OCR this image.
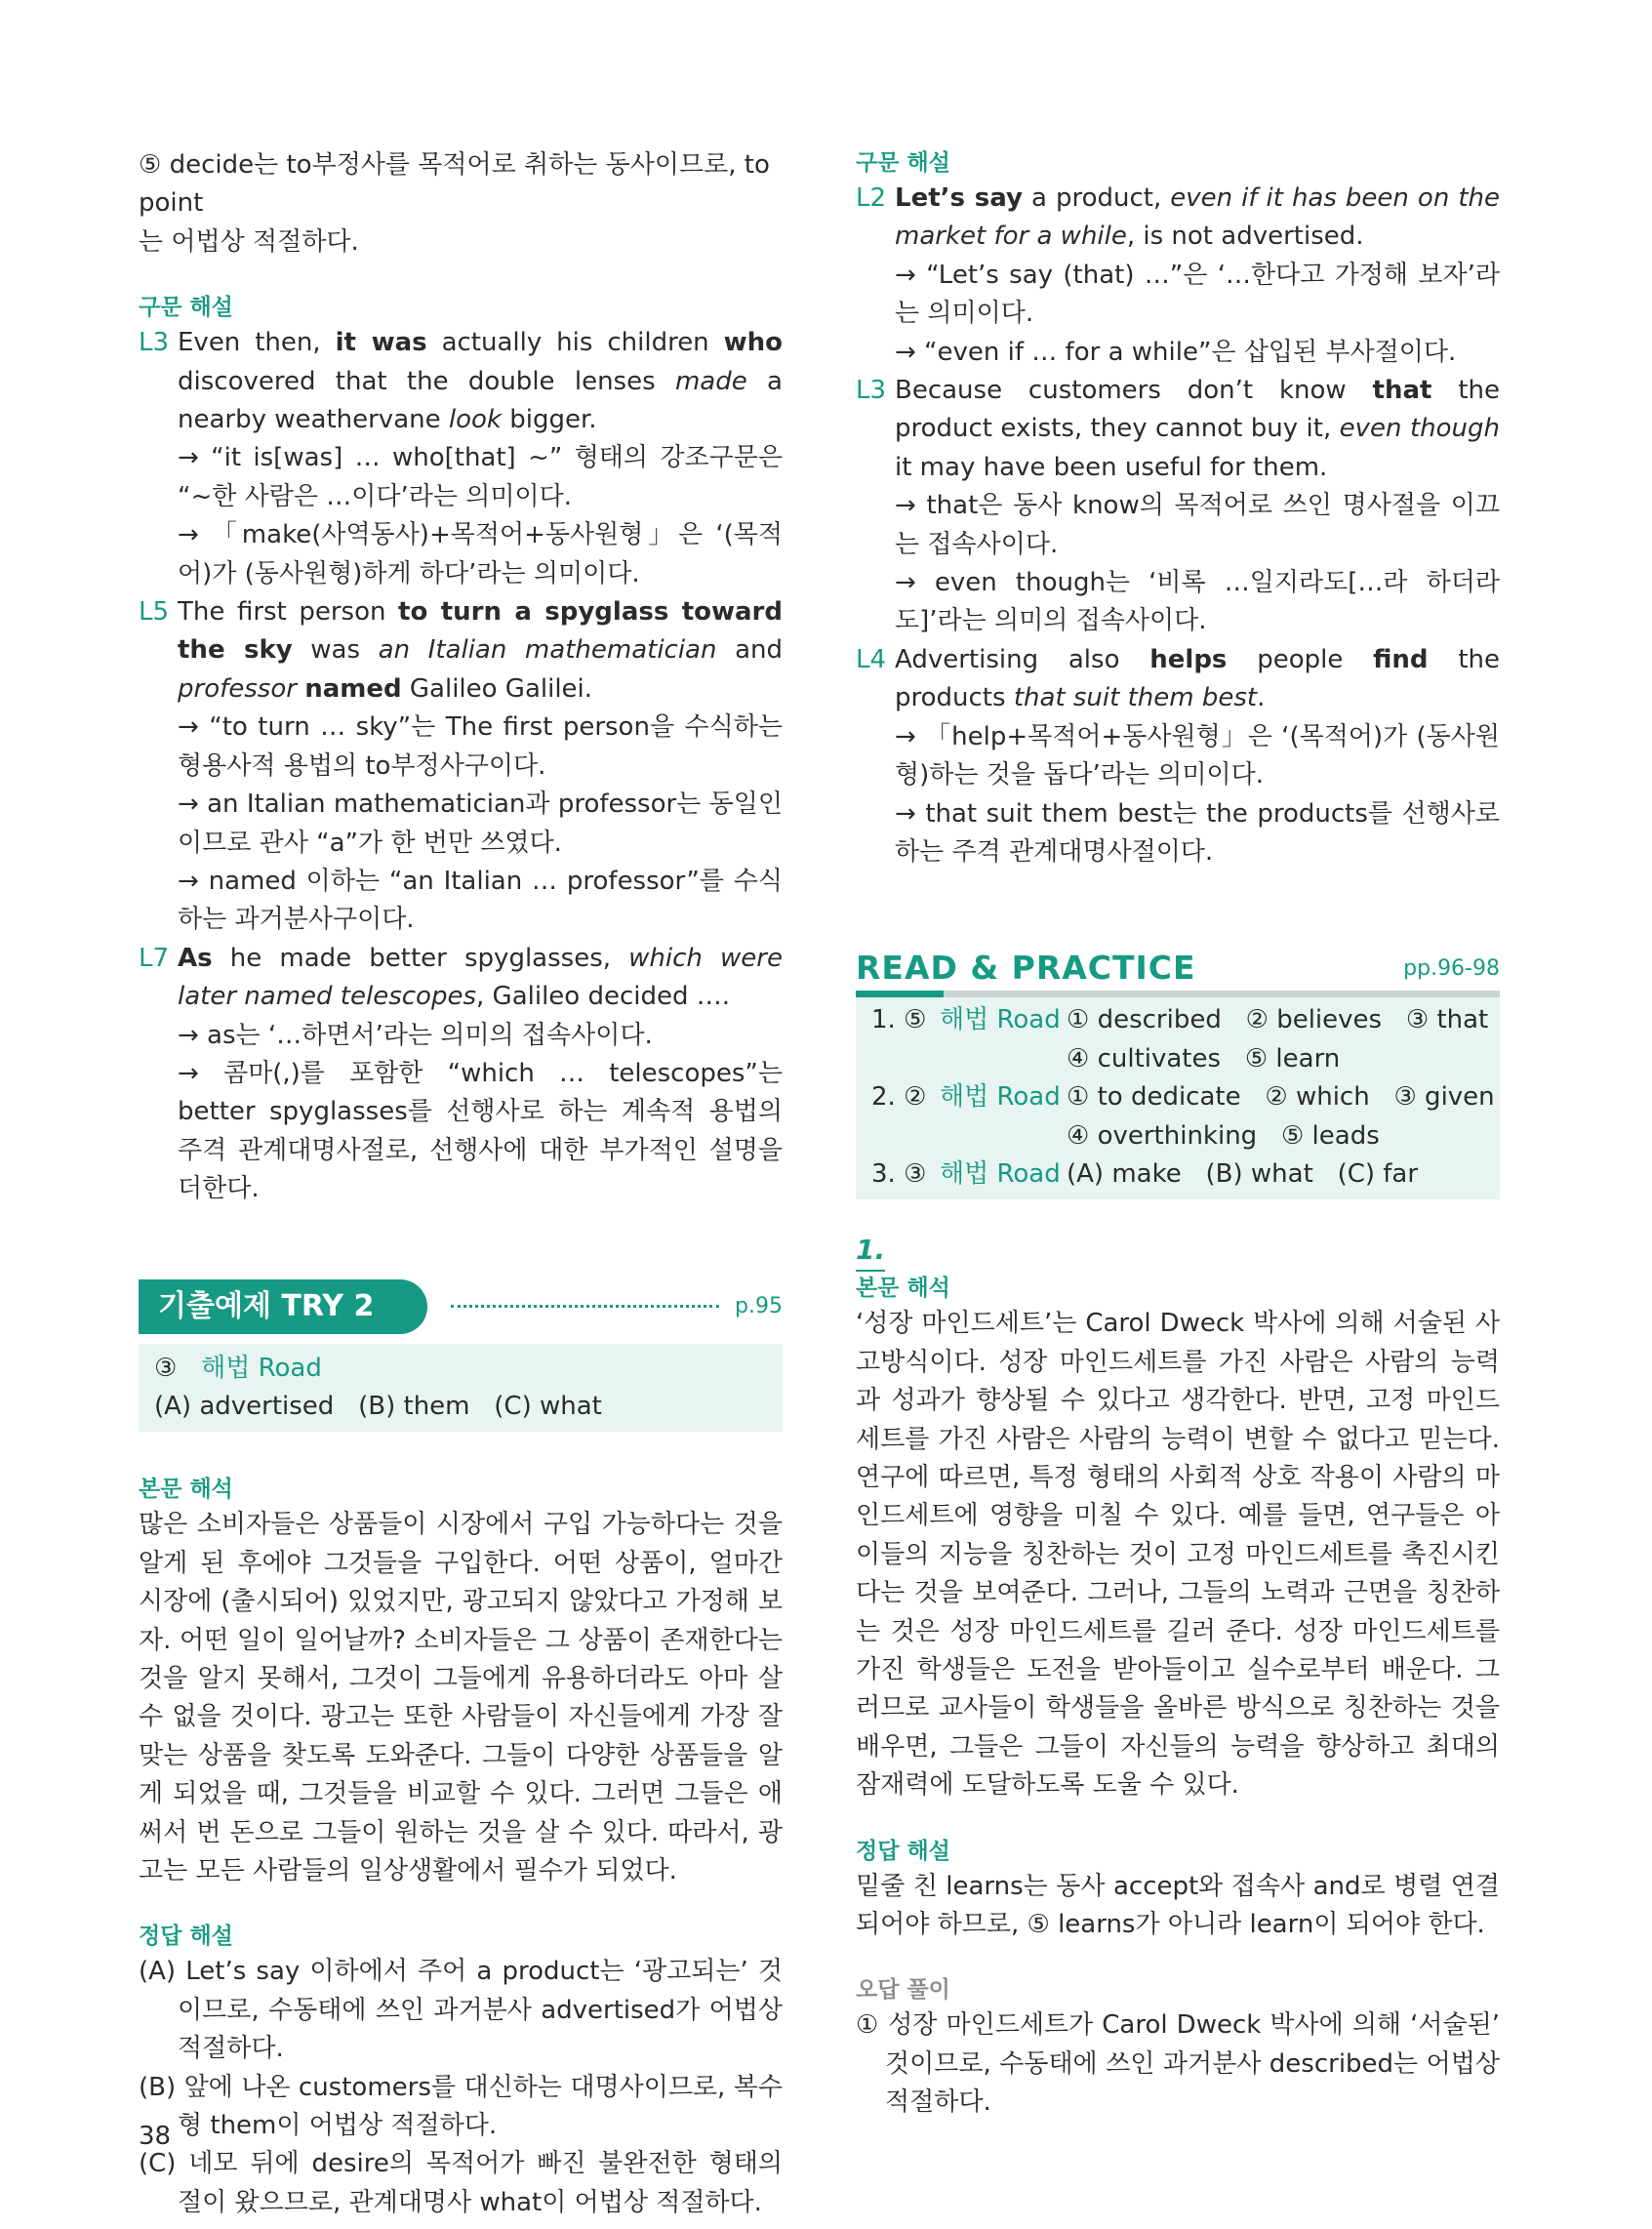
⑤ decide는 to부정사를 목적어로 취하는 동사이므로, to point
는 어법상 적절하다.
구문 해설
L3 Even then, it was actually his children who discovered that the double lenses made a nearby weathervane look bigger.
→ “it is[was] … who[that] ~” 형태의 강조구문은 “~한 사람은 …이다’라는 의미이다.
→ 「make(사역동사)+목적어+동사원형」은 ‘(목적어)가 (동사원형)하게 하다’라는 의미이다.
L5 The first person to turn a spyglass toward the sky was an Italian mathematician and professor named Galileo Galilei.
→ “to turn … sky”는 The first person을 수식하는 형용사적 용법의 to부정사구이다.
→ an Italian mathematician과 professor는 동일인이므로 관사 “a”가 한 번만 쓰였다.
→ named 이하는 “an Italian … professor”를 수식하는 과거분사구이다.
L7 As he made better spyglasses, which were later named telescopes, Galileo decided ….
→ as는 ‘…하면서’라는 의미의 접속사이다.
→ 콤마(,)를 포함한 “which … telescopes”는 better spyglasses를 선행사로 하는 계속적 용법의 주격 관계대명사절로, 선행사에 대한 부가적인 설명을 더한다.
기출예제 TRY 2	p.95
③ 해법 Road  (A) advertised   (B) them   (C) what
본문 해석
많은 소비자들은 상품들이 시장에서 구입 가능하다는 것을 알게 된 후에야 그것들을 구입한다. 어떤 상품이, 얼마간 시장에 (출시되어) 있었지만, 광고되지 않았다고 가정해 보자. 어떤 일이 일어날까? 소비자들은 그 상품이 존재한다는 것을 알지 못해서, 그것이 그들에게 유용하더라도 아마 살 수 없을 것이다. 광고는 또한 사람들이 자신들에게 가장 잘 맞는 상품을 찾도록 도와준다. 그들이 다양한 상품들을 알게 되었을 때, 그것들을 비교할 수 있다. 그러면 그들은 애써서 번 돈으로 그들이 원하는 것을 살 수 있다. 따라서, 광고는 모든 사람들의 일상생활에서 필수가 되었다.
정답 해설
(A) Let’s say 이하에서 주어 a product는 ‘광고되는’ 것이므로, 수동태에 쓰인 과거분사 advertised가 어법상 적절하다.
(B) 앞에 나온 customers를 대신하는 대명사이므로, 복수형 them이 어법상 적절하다.
(C) 네모 뒤에 desire의 목적어가 빠진 불완전한 형태의 절이 왔으므로, 관계대명사 what이 어법상 적절하다.
구문 해설
L2 Let’s say a product, even if it has been on the market for a while, is not advertised.
→ “Let’s say (that) …”은 ‘…한다고 가정해 보자’라는 의미이다.
→ “even if … for a while”은 삽입된 부사절이다.
L3 Because customers don’t know that the product exists, they cannot buy it, even though it may have been useful for them.
→ that은 동사 know의 목적어로 쓰인 명사절을 이끄는 접속사이다.
→ even though는 ‘비록 …일지라도[…라 하더라도]’라는 의미의 접속사이다.
L4 Advertising also helps people find the products that suit them best.
→ 「help+목적어+동사원형」은 ‘(목적어)가 (동사원형)하는 것을 돕다’라는 의미이다.
→ that suit them best는 the products를 선행사로 하는 주격 관계대명사절이다.
READ & PRACTICE	pp.96-98
1. ⑤ 해법 Road ① described   ② believes   ③ that
④ cultivates   ⑤ learn
2. ② 해법 Road ① to dedicate   ② which   ③ given
④ overthinking   ⑤ leads
3. ③ 해법 Road (A) make   (B) what   (C) far
1.
본문 해석
‘성장 마인드세트’는 Carol Dweck 박사에 의해 서술된 사고방식이다. 성장 마인드세트를 가진 사람은 사람의 능력과 성과가 향상될 수 있다고 생각한다. 반면, 고정 마인드세트를 가진 사람은 사람의 능력이 변할 수 없다고 믿는다. 연구에 따르면, 특정 형태의 사회적 상호 작용이 사람의 마인드세트에 영향을 미칠 수 있다. 예를 들면, 연구들은 아이들의 지능을 칭찬하는 것이 고정 마인드세트를 촉진시킨다는 것을 보여준다. 그러나, 그들의 노력과 근면을 칭찬하는 것은 성장 마인드세트를 길러 준다. 성장 마인드세트를 가진 학생들은 도전을 받아들이고 실수로부터 배운다. 그러므로 교사들이 학생들을 올바른 방식으로 칭찬하는 것을 배우면, 그들은 그들이 자신들의 능력을 향상하고 최대의 잠재력에 도달하도록 도울 수 있다.
정답 해설
밑줄 친 learns는 동사 accept와 접속사 and로 병렬 연결되어야 하므로, ⑤ learns가 아니라 learn이 되어야 한다.
오답 풀이
① 성장 마인드세트가 Carol Dweck 박사에 의해 ‘서술된’ 것이므로, 수동태에 쓰인 과거분사 described는 어법상 적절하다.
38
